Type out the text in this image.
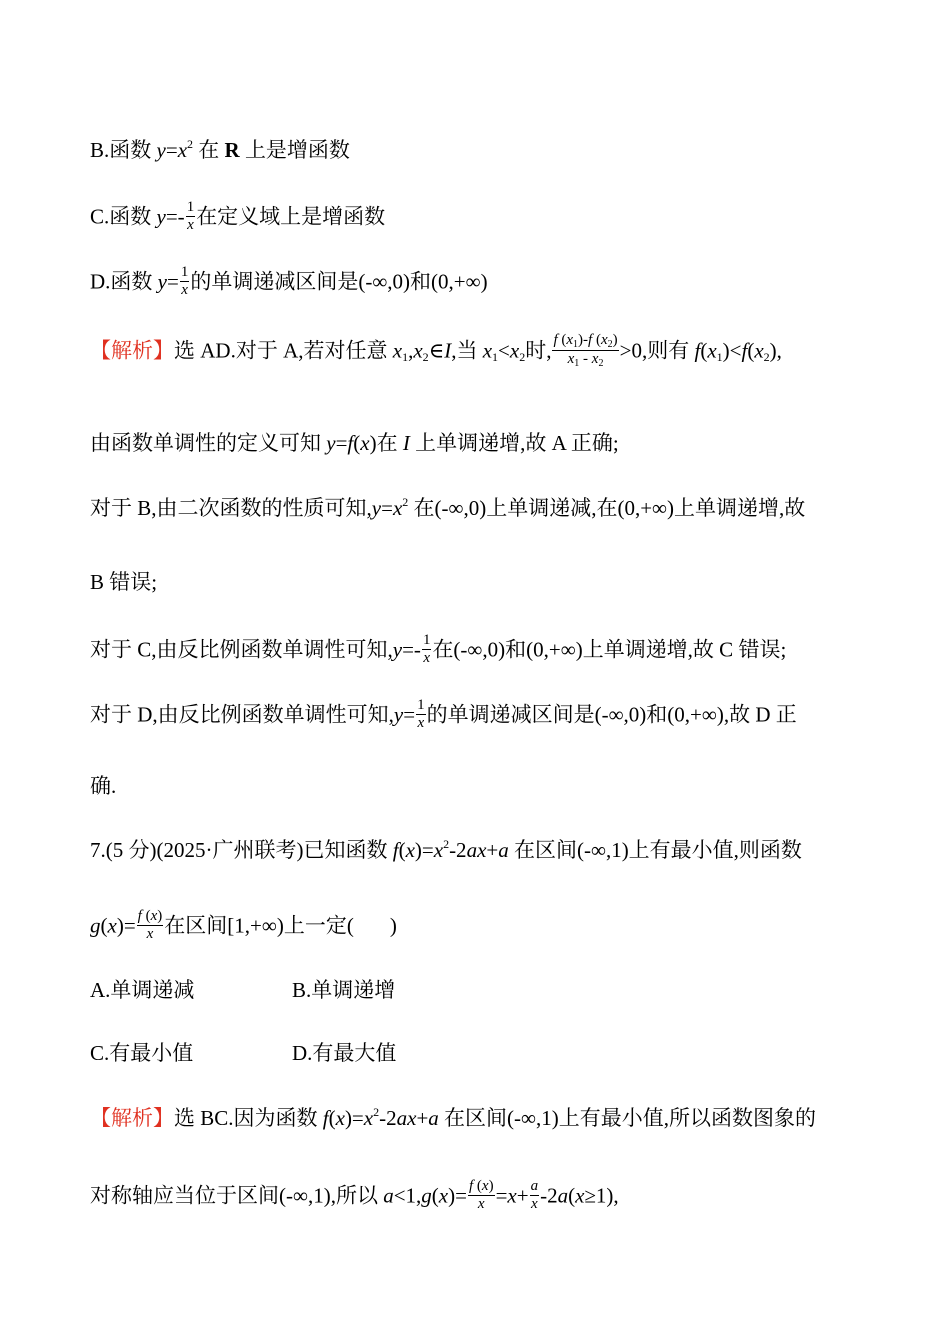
B.函数 $y=x^2$ 在 R 上是增函数
C.函数 $y=- \frac{1}{x}$ 在定义域上是增函数
D.函数 $y= \frac{1}{x}$ 的单调递减区间是(-∞,0)和(0,+∞)
【解析】选 AD.对于 A,若对任意 $x_1,x_2\in I$,当 $x_1<x_2$时, $\frac{f (x_1)-f (x_2)}{x_1 - x_2} >0$,则有 $f(x_1)<f(x_2)$,
由函数单调性的定义可知 y=f(x)在 I 上单调递增,故 A 正确;
对于 B,由二次函数的性质可知$,y=x^2$ 在(-∞,0)上单调递减,在(0,+∞)上单调递增,故
B 错误;
对于 C,由反比例函数单调性可知$,y=- \frac{1}{x}$ 在(-∞,0)和(0,+∞)上单调递增,故 C 错误;
对于 D,由反比例函数单调性可知$,y= \frac{1}{x}$ 的单调递减区间是(-∞,0)和(0,+∞),故 D 正
确.
7.(5 分)(2025·广州联考)已知函数 $f(x)=x^2-2ax+a$ 在区间(-∞,1)上有最小值,则函数
$g(x)= \frac{f (x)}{x}$ 在区间[1,+∞)上一定( )
A.单调递减	B.单调递增
C.有最小值	D.有最大值
【解析】选 BC.因为函数 $f(x)=x^2-2ax+a$ 在区间(-∞,1)上有最小值,所以函数图象的
对称轴应当位于区间(-∞,1),所以 $a<1,g(x)= \frac{f (x)}{x} =x+ \frac{a}{x} -2a(x\ge 1)$,
